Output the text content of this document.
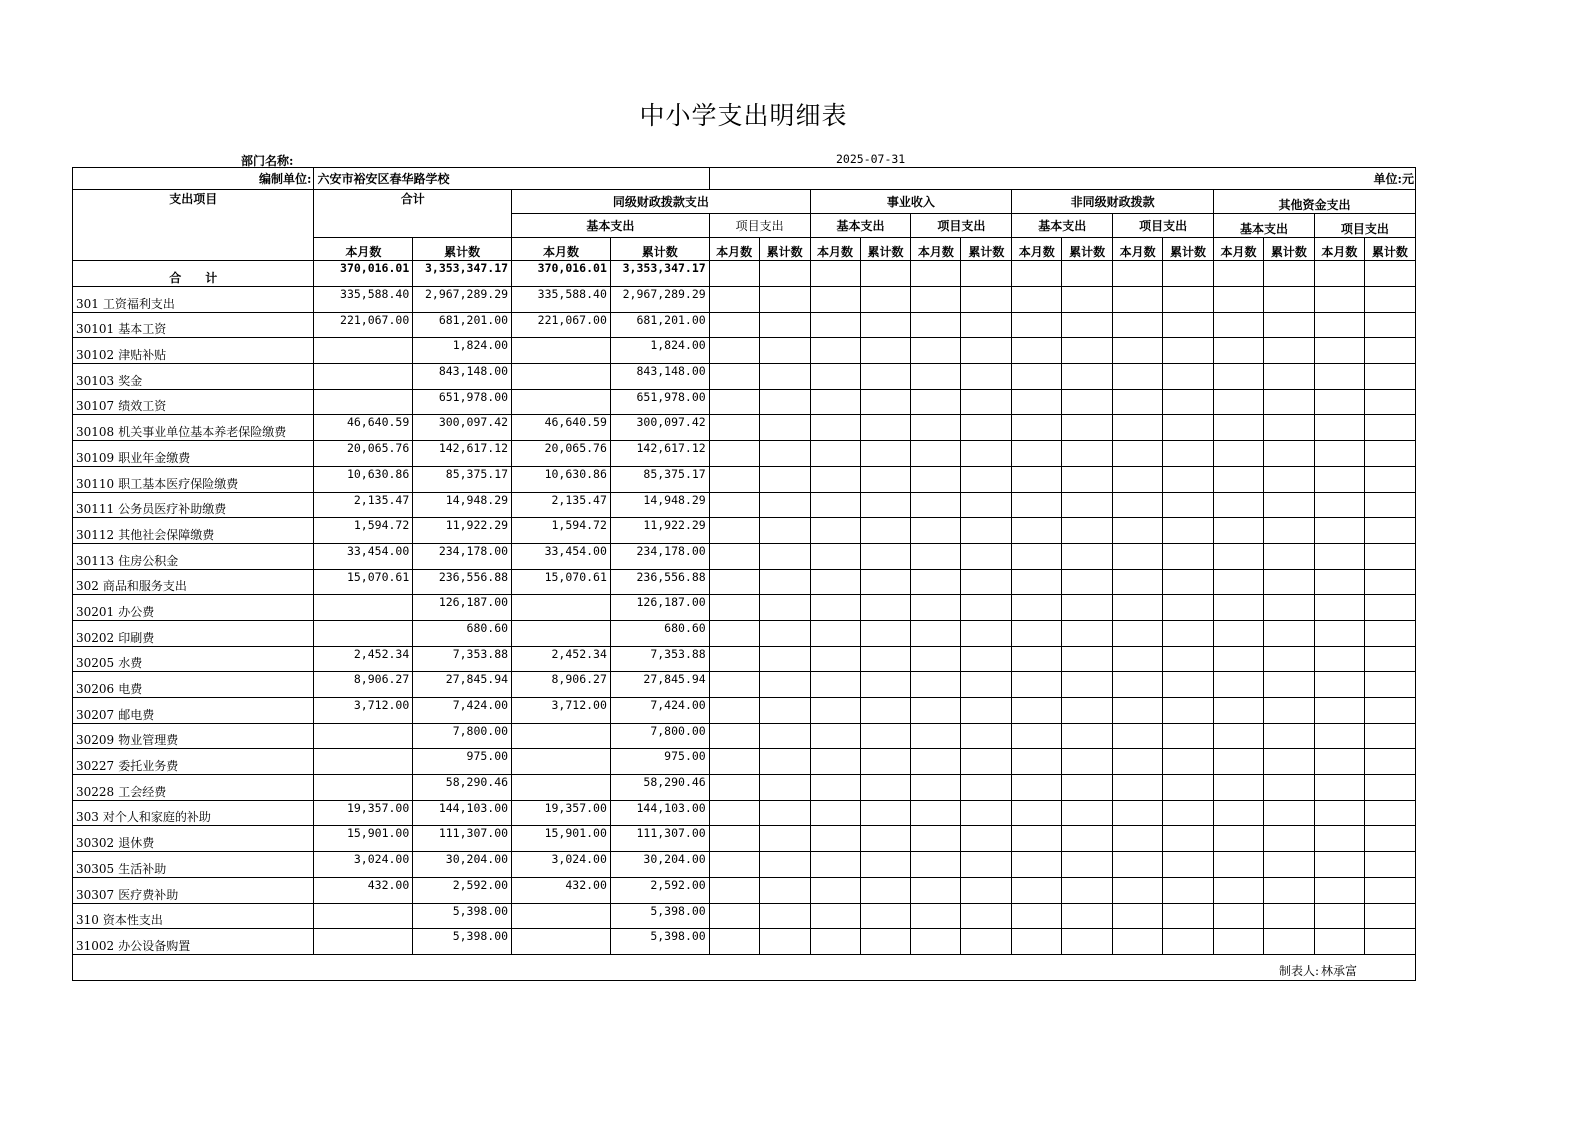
中小学支出明细表
部门名称:	2025-07-31
编制单位:	六安市裕安区春华路学校				单位:元													
支出项目	合计		同级财政拨款支出				事业收入				非同级财政拨款				其他资金支出			
			基本支出		项目支出		基本支出		项目支出		基本支出		项目支出		基本支出		项目支出	
	本月数	累计数	本月数	累计数	本月数	累计数	本月数	累计数	本月数	累计数	本月数	累计数	本月数	累计数	本月数	累计数	本月数	累计数
合　　计	370,016.01	3,353,347.17	370,016.01	3,353,347.17														
301 工资福利支出	335,588.40	2,967,289.29	335,588.40	2,967,289.29														
30101 基本工资	221,067.00	681,201.00	221,067.00	681,201.00														
30102 津贴补贴		1,824.00		1,824.00														
30103 奖金		843,148.00		843,148.00														
30107 绩效工资		651,978.00		651,978.00														
30108 机关事业单位基本养老保险缴费	46,640.59	300,097.42	46,640.59	300,097.42														
30109 职业年金缴费	20,065.76	142,617.12	20,065.76	142,617.12														
30110 职工基本医疗保险缴费	10,630.86	85,375.17	10,630.86	85,375.17														
30111 公务员医疗补助缴费	2,135.47	14,948.29	2,135.47	14,948.29														
30112 其他社会保障缴费	1,594.72	11,922.29	1,594.72	11,922.29														
30113 住房公积金	33,454.00	234,178.00	33,454.00	234,178.00														
302 商品和服务支出	15,070.61	236,556.88	15,070.61	236,556.88														
30201 办公费		126,187.00		126,187.00														
30202 印刷费		680.60		680.60														
30205 水费	2,452.34	7,353.88	2,452.34	7,353.88														
30206 电费	8,906.27	27,845.94	8,906.27	27,845.94														
30207 邮电费	3,712.00	7,424.00	3,712.00	7,424.00														
30209 物业管理费		7,800.00		7,800.00														
30227 委托业务费		975.00		975.00														
30228 工会经费		58,290.46		58,290.46														
303 对个人和家庭的补助	19,357.00	144,103.00	19,357.00	144,103.00														
30302 退休费	15,901.00	111,307.00	15,901.00	111,307.00														
30305 生活补助	3,024.00	30,204.00	3,024.00	30,204.00														
30307 医疗费补助	432.00	2,592.00	432.00	2,592.00														
310 资本性支出		5,398.00		5,398.00														
31002 办公设备购置		5,398.00		5,398.00														
制表人: 林承富																		
